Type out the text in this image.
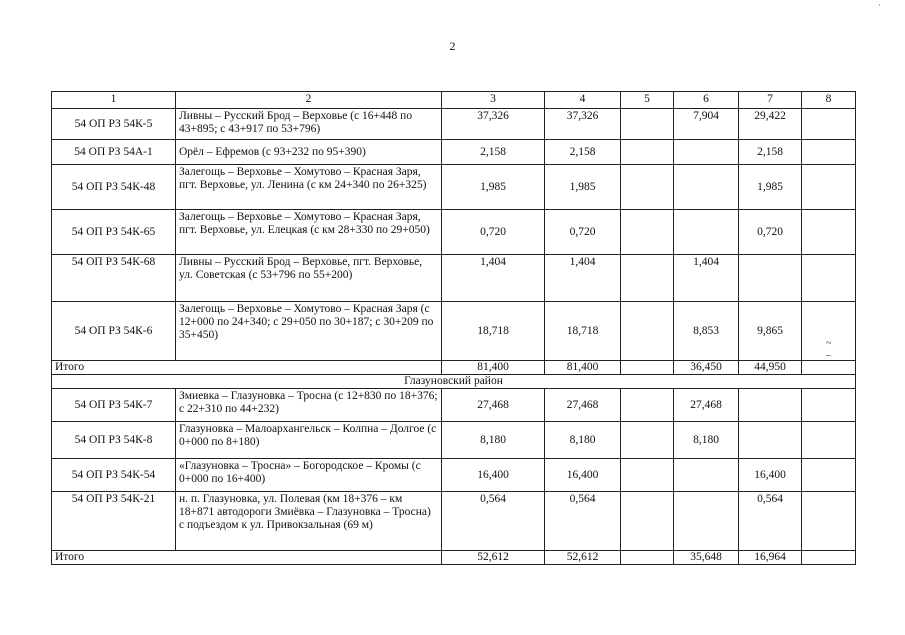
·
2
1	2	3	4	5	6	7	8
54 ОП РЗ 54К-5	Ливны – Русский Брод – Верховье (с 16+448 по 43+895; с 43+917 по 53+796)	37,326	37,326		7,904	29,422	
54 ОП РЗ 54А-1	Орёл – Ефремов (с 93+232 по 95+390)	2,158	2,158			2,158	
54 ОП РЗ 54К-48	Залегощь – Верховье – Хомутово – Красная Заря, пгт. Верховье, ул. Ленина (с км 24+340 по 26+325)	1,985	1,985			1,985	
54 ОП РЗ 54К-65	Залегощь – Верховье – Хомутово – Красная Заря, пгт. Верховье, ул. Елецкая (с км 28+330 по 29+050)	0,720	0,720			0,720	
54 ОП РЗ 54К-68	Ливны – Русский Брод – Верховье, пгт. Верховье, ул. Советская (с 53+796 по 55+200)	1,404	1,404		1,404		
54 ОП РЗ 54К-6	Залегощь – Верховье – Хомутово – Красная Заря (с 12+000 по 24+340; с 29+050 по 30+187; с 30+209 по 35+450)	18,718	18,718		8,853	9,865	
Итого		81,400	81,400		36,450	44,950	
Глазуновский район							
54 ОП РЗ 54К-7	Змиевка – Глазуновка – Тросна (с 12+830 по 18+376; с 22+310 по 44+232)	27,468	27,468		27,468		
54 ОП РЗ 54К-8	Глазуновка – Малоархангельск – Колпна – Долгое (с 0+000 по 8+180)	8,180	8,180		8,180		
54 ОП РЗ 54К-54	«Глазуновка – Тросна» – Богородское – Кромы (с 0+000 по 16+400)	16,400	16,400			16,400	
54 ОП РЗ 54К-21	н. п. Глазуновка, ул. Полевая (км 18+376 – км 18+871 автодороги Змиёвка – Глазуновка – Тросна) с подъездом к ул. Привокзальная (69 м)	0,564	0,564			0,564	
Итого		52,612	52,612		35,648	16,964	
~
–
